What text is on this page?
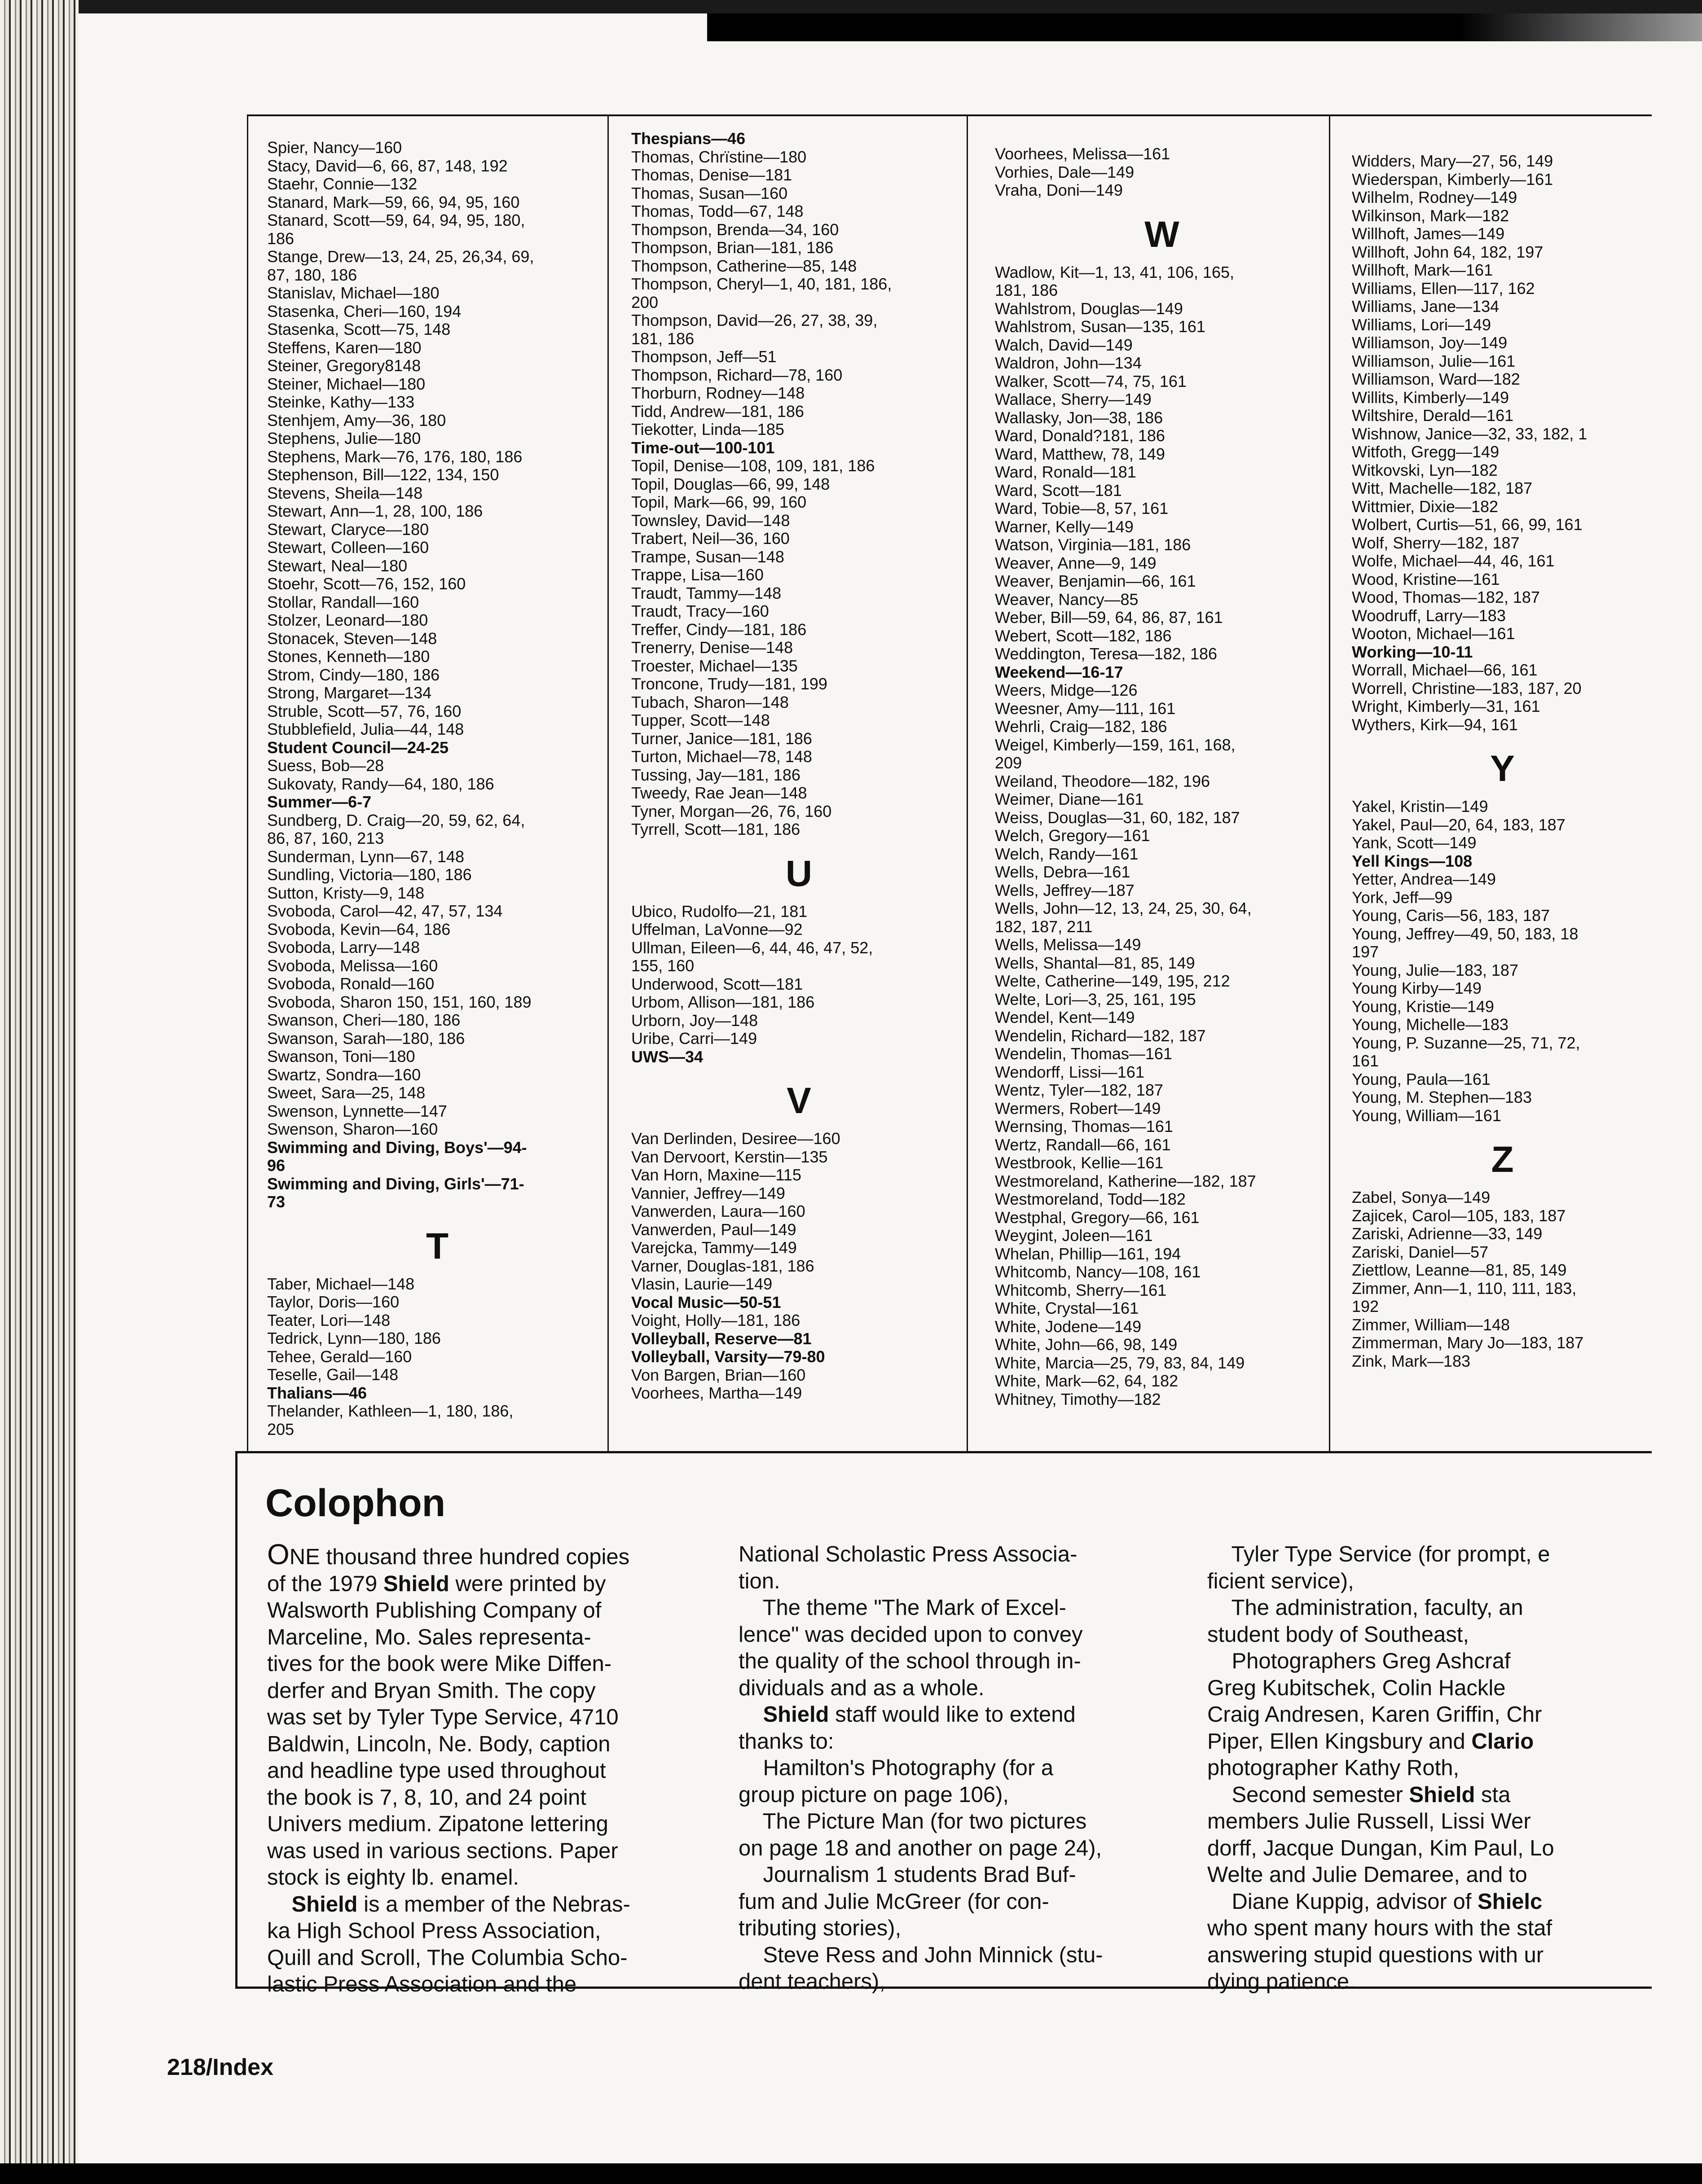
Spier, Nancy—160
Stacy, David—6, 66, 87, 148, 192
Staehr, Connie—132
Stanard, Mark—59, 66, 94, 95, 160
Stanard, Scott—59, 64, 94, 95, 180,
186
Stange, Drew—13, 24, 25, 26,34, 69,
87, 180, 186
Stanislav, Michael—180
Stasenka, Cheri—160, 194
Stasenka, Scott—75, 148
Steffens, Karen—180
Steiner, Gregory8148
Steiner, Michael—180
Steinke, Kathy—133
Stenhjem, Amy—36, 180
Stephens, Julie—180
Stephens, Mark—76, 176, 180, 186
Stephenson, Bill—122, 134, 150
Stevens, Sheila—148
Stewart, Ann—1, 28, 100, 186
Stewart, Claryce—180
Stewart, Colleen—160
Stewart, Neal—180
Stoehr, Scott—76, 152, 160
Stollar, Randall—160
Stolzer, Leonard—180
Stonacek, Steven—148
Stones, Kenneth—180
Strom, Cindy—180, 186
Strong, Margaret—134
Struble, Scott—57, 76, 160
Stubblefield, Julia—44, 148
Student Council—24-25
Suess, Bob—28
Sukovaty, Randy—64, 180, 186
Summer—6-7
Sundberg, D. Craig—20, 59, 62, 64,
86, 87, 160, 213
Sunderman, Lynn—67, 148
Sundling, Victoria—180, 186
Sutton, Kristy—9, 148
Svoboda, Carol—42, 47, 57, 134
Svoboda, Kevin—64, 186
Svoboda, Larry—148
Svoboda, Melissa—160
Svoboda, Ronald—160
Svoboda, Sharon 150, 151, 160, 189
Swanson, Cheri—180, 186
Swanson, Sarah—180, 186
Swanson, Toni—180
Swartz, Sondra—160
Sweet, Sara—25, 148
Swenson, Lynnette—147
Swenson, Sharon—160
Swimming and Diving, Boys'—94-
96
Swimming and Diving, Girls'—71-
73
T
Taber, Michael—148
Taylor, Doris—160
Teater, Lori—148
Tedrick, Lynn—180, 186
Tehee, Gerald—160
Teselle, Gail—148
Thalians—46
Thelander, Kathleen—1, 180, 186,
205
Thespians—46
Thomas, Chrïstine—180
Thomas, Denise—181
Thomas, Susan—160
Thomas, Todd—67, 148
Thompson, Brenda—34, 160
Thompson, Brian—181, 186
Thompson, Catherine—85, 148
Thompson, Cheryl—1, 40, 181, 186,
200
Thompson, David—26, 27, 38, 39,
181, 186
Thompson, Jeff—51
Thompson, Richard—78, 160
Thorburn, Rodney—148
Tidd, Andrew—181, 186
Tiekotter, Linda—185
Time-out—100-101
Topil, Denise—108, 109, 181, 186
Topil, Douglas—66, 99, 148
Topil, Mark—66, 99, 160
Townsley, David—148
Trabert, Neil—36, 160
Trampe, Susan—148
Trappe, Lisa—160
Traudt, Tammy—148
Traudt, Tracy—160
Treffer, Cindy—181, 186
Trenerry, Denise—148
Troester, Michael—135
Troncone, Trudy—181, 199
Tubach, Sharon—148
Tupper, Scott—148
Turner, Janice—181, 186
Turton, Michael—78, 148
Tussing, Jay—181, 186
Tweedy, Rae Jean—148
Tyner, Morgan—26, 76, 160
Tyrrell, Scott—181, 186
U
Ubico, Rudolfo—21, 181
Uffelman, LaVonne—92
Ullman, Eileen—6, 44, 46, 47, 52,
155, 160
Underwood, Scott—181
Urbom, Allison—181, 186
Urborn, Joy—148
Uribe, Carri—149
UWS—34
V
Van Derlinden, Desiree—160
Van Dervoort, Kerstin—135
Van Horn, Maxine—115
Vannier, Jeffrey—149
Vanwerden, Laura—160
Vanwerden, Paul—149
Varejcka, Tammy—149
Varner, Douglas-181, 186
Vlasin, Laurie—149
Vocal Music—50-51
Voight, Holly—181, 186
Volleyball, Reserve—81
Volleyball, Varsity—79-80
Von Bargen, Brian—160
Voorhees, Martha—149
Voorhees, Melissa—161
Vorhies, Dale—149
Vraha, Doni—149
W
Wadlow, Kit—1, 13, 41, 106, 165,
181, 186
Wahlstrom, Douglas—149
Wahlstrom, Susan—135, 161
Walch, David—149
Waldron, John—134
Walker, Scott—74, 75, 161
Wallace, Sherry—149
Wallasky, Jon—38, 186
Ward, Donald?181, 186
Ward, Matthew, 78, 149
Ward, Ronald—181
Ward, Scott—181
Ward, Tobie—8, 57, 161
Warner, Kelly—149
Watson, Virginia—181, 186
Weaver, Anne—9, 149
Weaver, Benjamin—66, 161
Weaver, Nancy—85
Weber, Bill—59, 64, 86, 87, 161
Webert, Scott—182, 186
Weddington, Teresa—182, 186
Weekend—16-17
Weers, Midge—126
Weesner, Amy—111, 161
Wehrli, Craig—182, 186
Weigel, Kimberly—159, 161, 168,
209
Weiland, Theodore—182, 196
Weimer, Diane—161
Weiss, Douglas—31, 60, 182, 187
Welch, Gregory—161
Welch, Randy—161
Wells, Debra—161
Wells, Jeffrey—187
Wells, John—12, 13, 24, 25, 30, 64,
182, 187, 211
Wells, Melissa—149
Wells, Shantal—81, 85, 149
Welte, Catherine—149, 195, 212
Welte, Lori—3, 25, 161, 195
Wendel, Kent—149
Wendelin, Richard—182, 187
Wendelin, Thomas—161
Wendorff, Lissi—161
Wentz, Tyler—182, 187
Wermers, Robert—149
Wernsing, Thomas—161
Wertz, Randall—66, 161
Westbrook, Kellie—161
Westmoreland, Katherine—182, 187
Westmoreland, Todd—182
Westphal, Gregory—66, 161
Weygint, Joleen—161
Whelan, Phillip—161, 194
Whitcomb, Nancy—108, 161
Whitcomb, Sherry—161
White, Crystal—161
White, Jodene—149
White, John—66, 98, 149
White, Marcia—25, 79, 83, 84, 149
White, Mark—62, 64, 182
Whitney, Timothy—182
Widders, Mary—27, 56, 149
Wiederspan, Kimberly—161
Wilhelm, Rodney—149
Wilkinson, Mark—182
Willhoft, James—149
Willhoft, John 64, 182, 197
Willhoft, Mark—161
Williams, Ellen—117, 162
Williams, Jane—134
Williams, Lori—149
Williamson, Joy—149
Williamson, Julie—161
Williamson, Ward—182
Willits, Kimberly—149
Wiltshire, Derald—161
Wishnow, Janice—32, 33, 182, 1
Witfoth, Gregg—149
Witkovski, Lyn—182
Witt, Machelle—182, 187
Wittmier, Dixie—182
Wolbert, Curtis—51, 66, 99, 161
Wolf, Sherry—182, 187
Wolfe, Michael—44, 46, 161
Wood, Kristine—161
Wood, Thomas—182, 187
Woodruff, Larry—183
Wooton, Michael—161
Working—10-11
Worrall, Michael—66, 161
Worrell, Christine—183, 187, 20
Wright, Kimberly—31, 161
Wythers, Kirk—94, 161
Y
Yakel, Kristin—149
Yakel, Paul—20, 64, 183, 187
Yank, Scott—149
Yell Kings—108
Yetter, Andrea—149
York, Jeff—99
Young, Caris—56, 183, 187
Young, Jeffrey—49, 50, 183, 18
197
Young, Julie—183, 187
Young Kirby—149
Young, Kristie—149
Young, Michelle—183
Young, P. Suzanne—25, 71, 72,
161
Young, Paula—161
Young, M. Stephen—183
Young, William—161
Z
Zabel, Sonya—149
Zajicek, Carol—105, 183, 187
Zariski, Adrienne—33, 149
Zariski, Daniel—57
Ziettlow, Leanne—81, 85, 149
Zimmer, Ann—1, 110, 111, 183,
192
Zimmer, William—148
Zimmerman, Mary Jo—183, 187
Zink, Mark—183
Colophon
ONE thousand three hundred copies
of the 1979 Shield were printed by
Walsworth Publishing Company of
Marceline, Mo. Sales representa-
tives for the book were Mike Diffen-
derfer and Bryan Smith. The copy
was set by Tyler Type Service, 4710
Baldwin, Lincoln, Ne. Body, caption
and headline type used throughout
the book is 7, 8, 10, and 24 point
Univers medium. Zipatone lettering
was used in various sections. Paper
stock is eighty lb. enamel.
Shield is a member of the Nebras-
ka High School Press Association,
Quill and Scroll, The Columbia Scho-
lastic Press Association and the
National Scholastic Press Associa-
tion.
The theme "The Mark of Excel-
lence" was decided upon to convey
the quality of the school through in-
dividuals and as a whole.
Shield staff would like to extend
thanks to:
Hamilton's Photography (for a
group picture on page 106),
The Picture Man (for two pictures
on page 18 and another on page 24),
Journalism 1 students Brad Buf-
fum and Julie McGreer (for con-
tributing stories),
Steve Ress and John Minnick (stu-
dent teachers),
Tyler Type Service (for prompt, e
ficient service),
The administration, faculty, an
student body of Southeast,
Photographers Greg Ashcraf
Greg Kubitschek, Colin Hackle
Craig Andresen, Karen Griffin, Chr
Piper, Ellen Kingsbury and Clario
photographer Kathy Roth,
Second semester Shield sta
members Julie Russell, Lissi Wer
dorff, Jacque Dungan, Kim Paul, Lo
Welte and Julie Demaree, and to
Diane Kuppig, advisor of Shielc
who spent many hours with the staf
answering stupid questions with ur
dying patience.

218/Index
